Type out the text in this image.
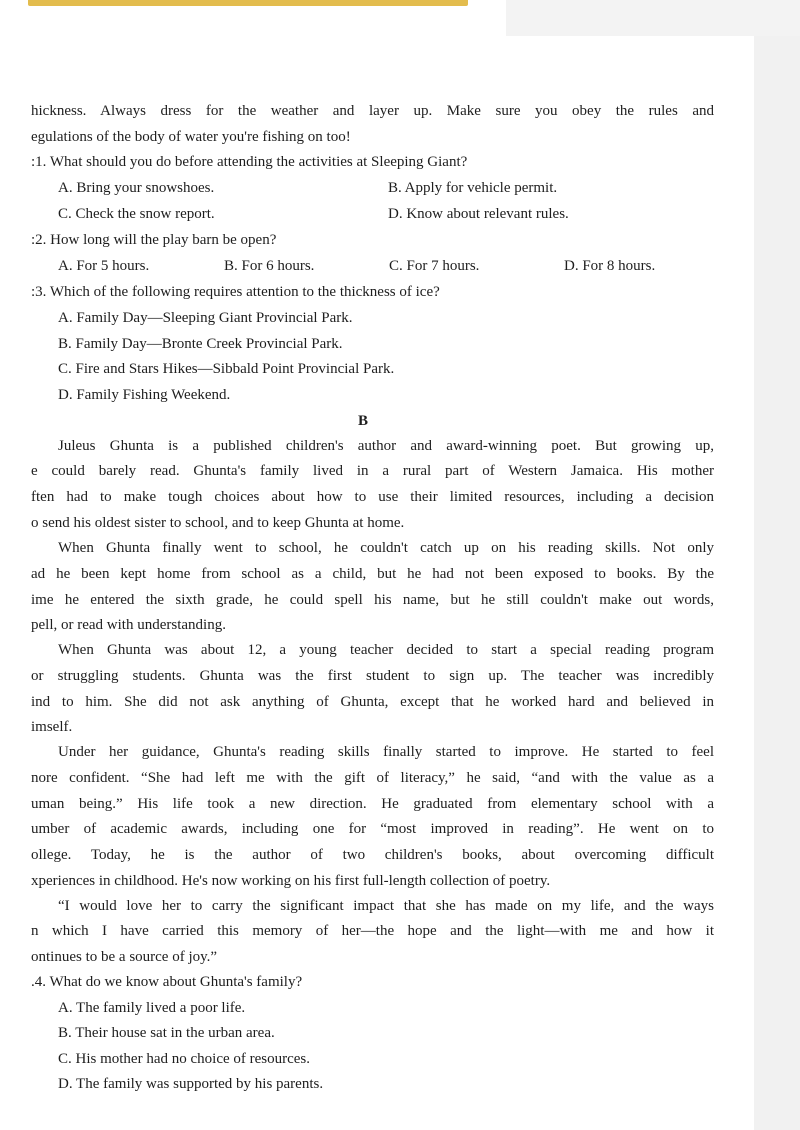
hickness. Always dress for the weather and layer up. Make sure you obey the rules and
egulations of the body of water you're fishing on too!
:1. What should you do before attending the activities at Sleeping Giant?
A. Bring your snowshoes.	B. Apply for vehicle permit.
C. Check the snow report.	D. Know about relevant rules.
:2. How long will the play barn be open?
A. For 5 hours.	B. For 6 hours.	C. For 7 hours.	D. For 8 hours.
:3. Which of the following requires attention to the thickness of ice?
A. Family Day—Sleeping Giant Provincial Park.
B. Family Day—Bronte Creek Provincial Park.
C. Fire and Stars Hikes—Sibbald Point Provincial Park.
D. Family Fishing Weekend.
B
Juleus Ghunta is a published children's author and award-winning poet. But growing up,
e could barely read. Ghunta's family lived in a rural part of Western Jamaica. His mother
ften had to make tough choices about how to use their limited resources, including a decision
o send his oldest sister to school, and to keep Ghunta at home.
When Ghunta finally went to school, he couldn't catch up on his reading skills. Not only
ad he been kept home from school as a child, but he had not been exposed to books. By the
ime he entered the sixth grade, he could spell his name, but he still couldn't make out words,
pell, or read with understanding.
When Ghunta was about 12, a young teacher decided to start a special reading program
or struggling students. Ghunta was the first student to sign up. The teacher was incredibly
ind to him. She did not ask anything of Ghunta, except that he worked hard and believed in
imself.
Under her guidance, Ghunta's reading skills finally started to improve. He started to feel
nore confident. “She had left me with the gift of literacy,” he said, “and with the value as a
uman being.” His life took a new direction. He graduated from elementary school with a
umber of academic awards, including one for “most improved in reading”. He went on to
ollege. Today, he is the author of two children's books, about overcoming difficult
xperiences in childhood. He's now working on his first full-length collection of poetry.
“I would love her to carry the significant impact that she has made on my life, and the ways
n which I have carried this memory of her—the hope and the light—with me and how it
ontinues to be a source of joy.”
.4. What do we know about Ghunta's family?
A. The family lived a poor life.
B. Their house sat in the urban area.
C. His mother had no choice of resources.
D. The family was supported by his parents.
